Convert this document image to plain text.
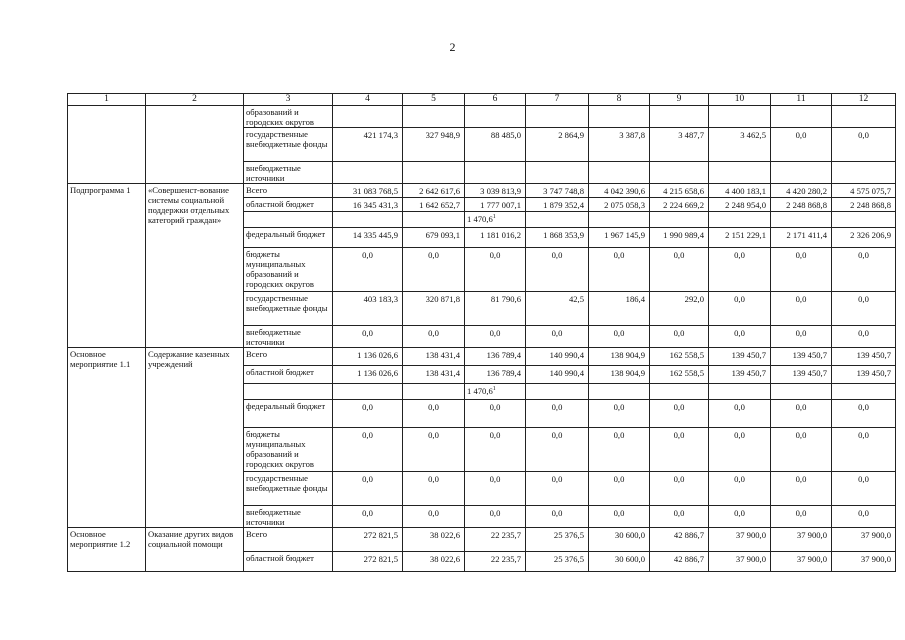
2
1	2	3	4	5	6	7	8	9	10	11	12
		образований и городских округов									
		государственные внебюджетные фонды	421 174,3	327 948,9	88 485,0	2 864,9	3 387,8	3 487,7	3 462,5	0,0	0,0
		внебюджетные источники									
Подпрограмма 1	«Совершенст-вование системы социальной поддержки отдельных категорий граждан»	Всего	31 083 768,5	2 642 617,6	3 039 813,9	3 747 748,8	4 042 390,6	4 215 658,6	4 400 183,1	4 420 280,2	4 575 075,7
		областной бюджет	16 345 431,3	1 642 652,7	1 777 007,1	1 879 352,4	2 075 058,3	2 224 669,2	2 248 954,0	2 248 868,8	2 248 868,8
					1 470,6$^1$						
		федеральный бюджет	14 335 445,9	679 093,1	1 181 016,2	1 868 353,9	1 967 145,9	1 990 989,4	2 151 229,1	2 171 411,4	2 326 206,9
		бюджеты муниципальных образований и городских округов	0,0	0,0	0,0	0,0	0,0	0,0	0,0	0,0	0,0
		государственные внебюджетные фонды	403 183,3	320 871,8	81 790,6	42,5	186,4	292,0	0,0	0,0	0,0
		внебюджетные источники	0,0	0,0	0,0	0,0	0,0	0,0	0,0	0,0	0,0
Основное мероприятие 1.1	Содержание казенных учреждений	Всего	1 136 026,6	138 431,4	136 789,4	140 990,4	138 904,9	162 558,5	139 450,7	139 450,7	139 450,7
		областной бюджет	1 136 026,6	138 431,4	136 789,4	140 990,4	138 904,9	162 558,5	139 450,7	139 450,7	139 450,7
					1 470,6$^1$						
		федеральный бюджет	0,0	0,0	0,0	0,0	0,0	0,0	0,0	0,0	0,0
		бюджеты муниципальных образований и городских округов	0,0	0,0	0,0	0,0	0,0	0,0	0,0	0,0	0,0
		государственные внебюджетные фонды	0,0	0,0	0,0	0,0	0,0	0,0	0,0	0,0	0,0
		внебюджетные источники	0,0	0,0	0,0	0,0	0,0	0,0	0,0	0,0	0,0
Основное мероприятие 1.2	Оказание других видов социальной помощи	Всего	272 821,5	38 022,6	22 235,7	25 376,5	30 600,0	42 886,7	37 900,0	37 900,0	37 900,0
		областной бюджет	272 821,5	38 022,6	22 235,7	25 376,5	30 600,0	42 886,7	37 900,0	37 900,0	37 900,0
